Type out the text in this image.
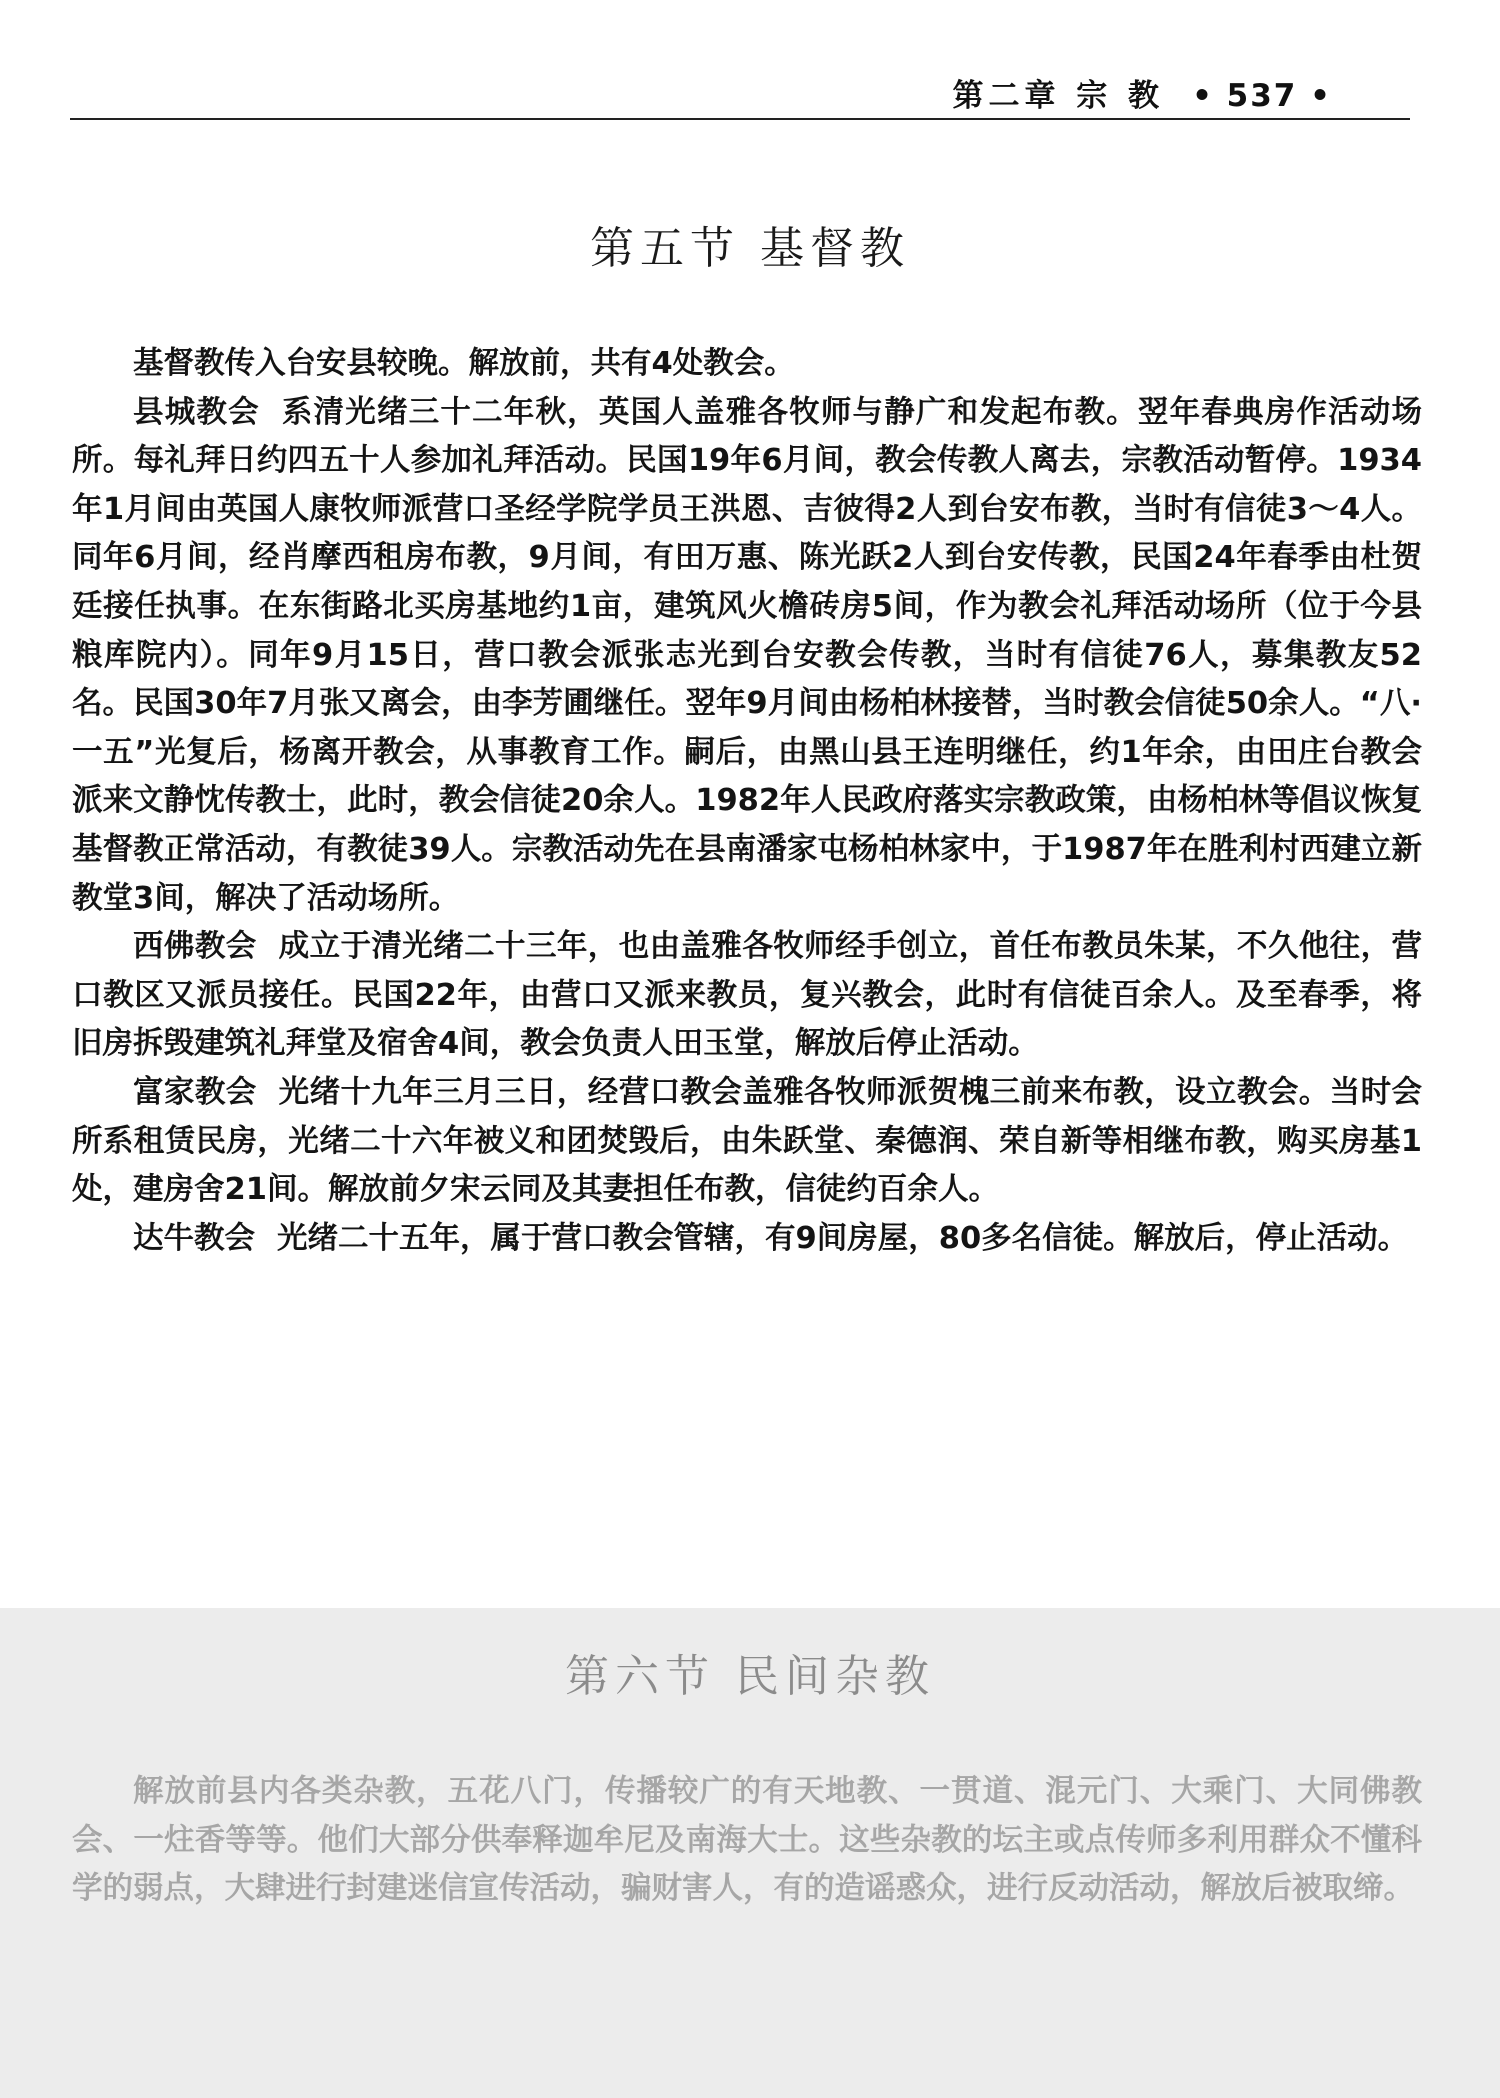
第二章 宗 教 • 537 •
第五节 基督教

基督教传入台安县较晚。解放前，共有4处教会。

县城教会 系清光绪三十二年秋，英国人盖雅各牧师与静广和发起布教。翌年春典房作活动场所。每礼拜日约四五十人参加礼拜活动。民国19年6月间，教会传教人离去，宗教活动暂停。1934年1月间由英国人康牧师派营口圣经学院学员王洪恩、吉彼得2人到台安布教，当时有信徒3～4人。同年6月间，经肖摩西租房布教，9月间，有田万惠、陈光跃2人到台安传教，民国24年春季由杜贺廷接任执事。在东街路北买房基地约1亩，建筑风火檐砖房5间，作为教会礼拜活动场所（位于今县粮库院内）。同年9月15日，营口教会派张志光到台安教会传教，当时有信徒76人，募集教友52名。民国30年7月张又离会，由李芳圃继任。翌年9月间由杨柏林接替，当时教会信徒50余人。“八·一五”光复后，杨离开教会，从事教育工作。嗣后，由黑山县王连明继任，约1年余，由田庄台教会派来文静忱传教士，此时，教会信徒20余人。1982年人民政府落实宗教政策，由杨柏林等倡议恢复基督教正常活动，有教徒39人。宗教活动先在县南潘家屯杨柏林家中，于1987年在胜利村西建立新教堂3间，解决了活动场所。

西佛教会 成立于清光绪二十三年，也由盖雅各牧师经手创立，首任布教员朱某，不久他往，营口教区又派员接任。民国22年，由营口又派来教员，复兴教会，此时有信徒百余人。及至春季，将旧房拆毁建筑礼拜堂及宿舍4间，教会负责人田玉堂，解放后停止活动。

富家教会 光绪十九年三月三日，经营口教会盖雅各牧师派贺槐三前来布教，设立教会。当时会所系租赁民房，光绪二十六年被义和团焚毁后，由朱跃堂、秦德润、荣自新等相继布教，购买房基1处，建房舍21间。解放前夕宋云同及其妻担任布教，信徒约百余人。

达牛教会 光绪二十五年，属于营口教会管辖，有9间房屋，80多名信徒。解放后，停止活动。

第六节 民间杂教

解放前县内各类杂教，五花八门，传播较广的有天地教、一贯道、混元门、大乘门、大同佛教会、一炷香等等。他们大部分供奉释迦牟尼及南海大士。这些杂教的坛主或点传师多利用群众不懂科学的弱点，大肆进行封建迷信宣传活动，骗财害人，有的造谣惑众，进行反动活动，解放后被取缔。
